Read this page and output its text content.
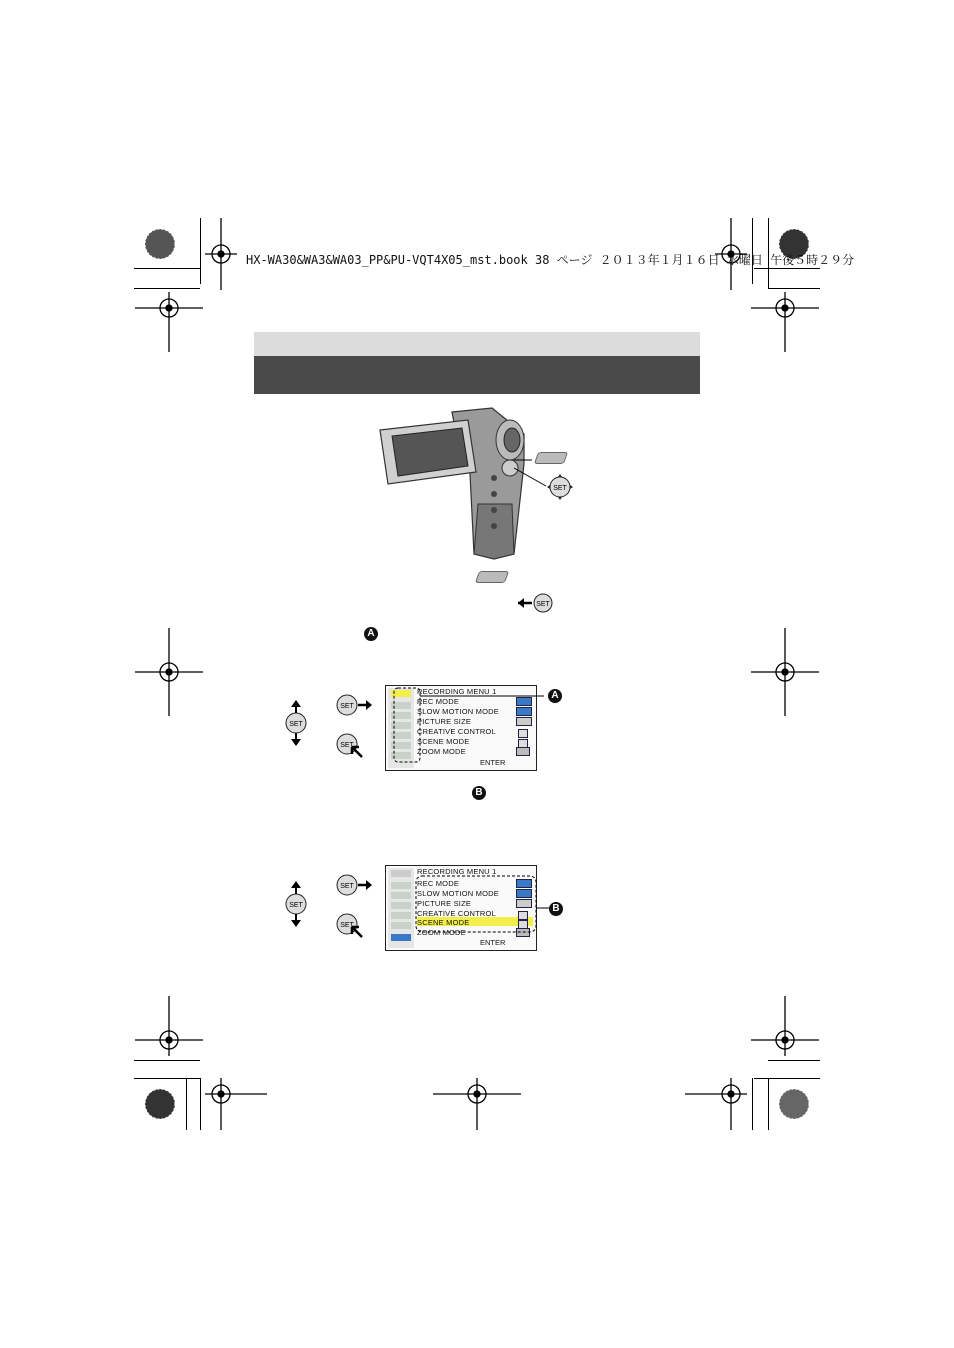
HX-WA30&WA3&WA03_PP&PU-VQT4X05_mst.book 38 ページ ２０１３年１月１６日 水曜日 午後５時２９分
SET
SET
A
SET
SET
SET
RECORDING MENU 1
REC MODE
SLOW MOTION MODE
PICTURE SIZE
CREATIVE CONTROL
SCENE MODE
ZOOM MODE
ENTER
A
B
SET
SET
SET
RECORDING MENU 1
REC MODE
SLOW MOTION MODE
PICTURE SIZE
CREATIVE CONTROL
SCENE MODE
ZOOM MODE
ENTER
B
